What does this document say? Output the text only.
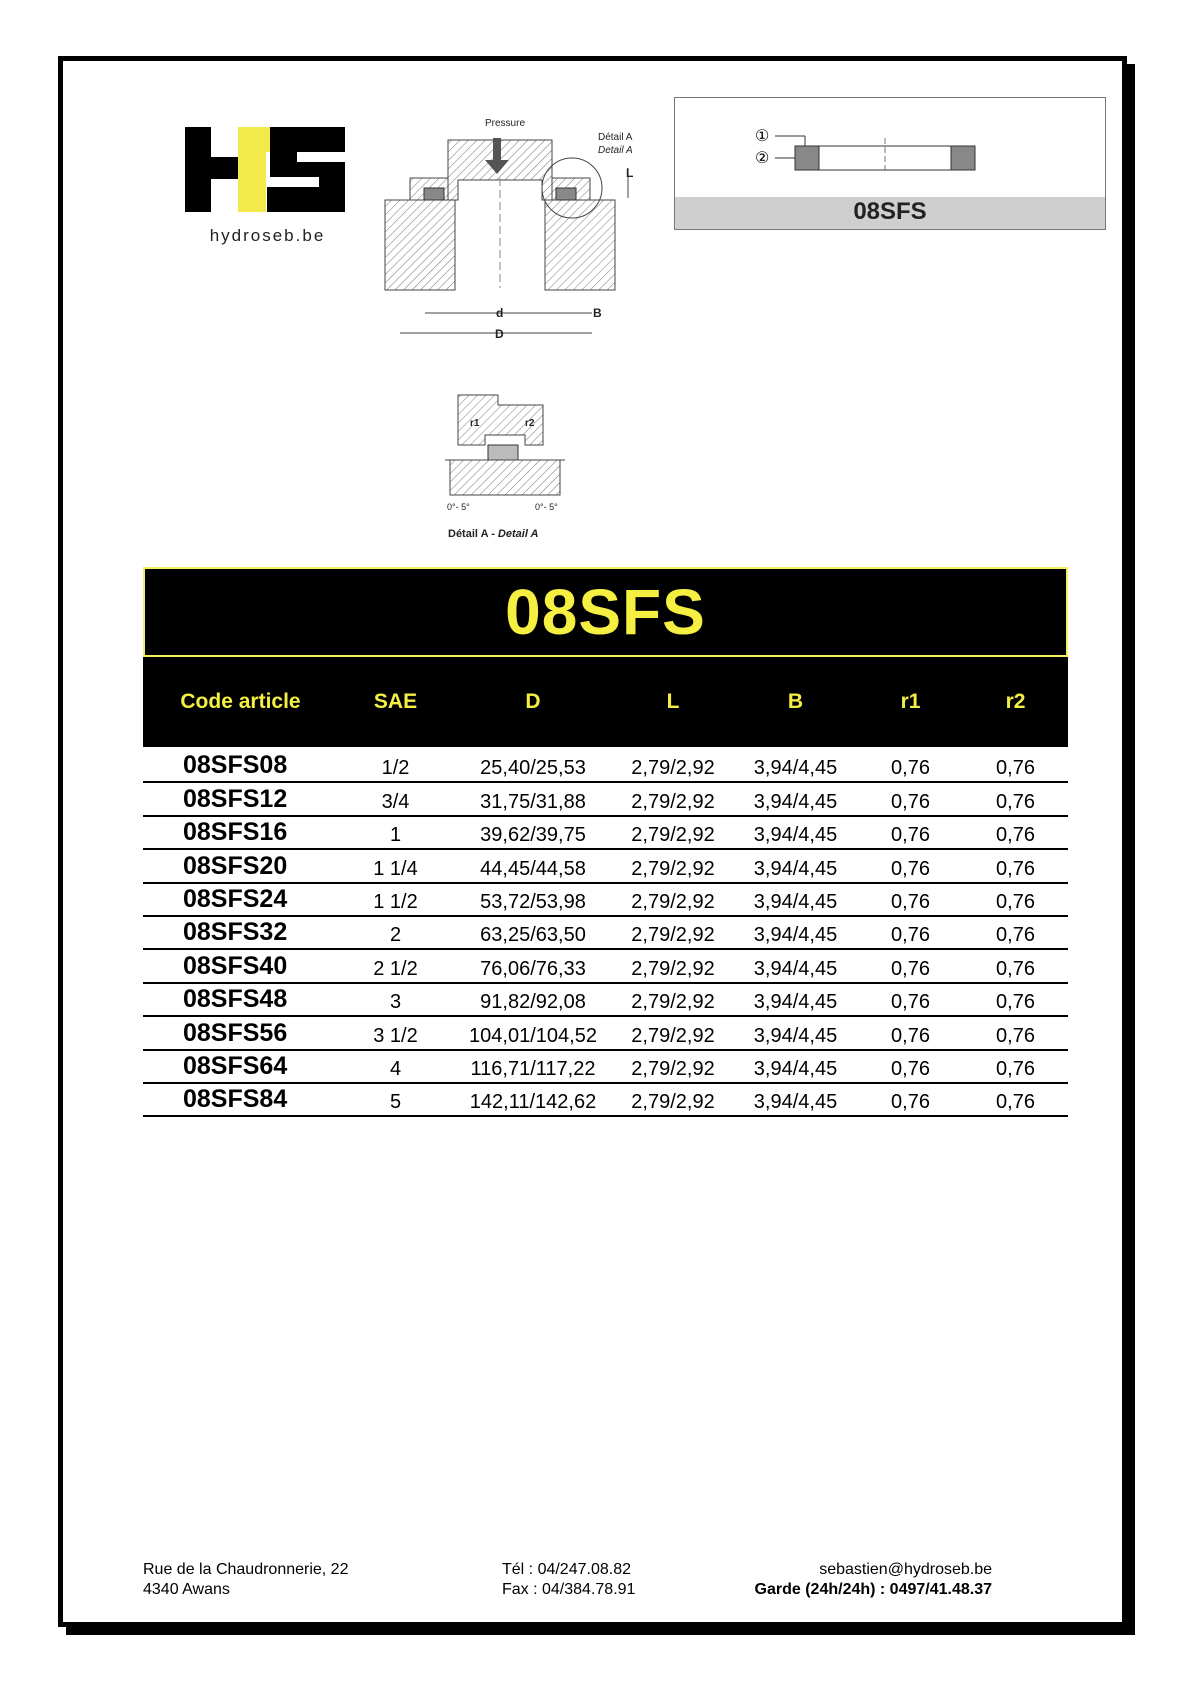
hydroseb.be
Pressure
Détail A
Detail A
L
d	B
D
r1	r2
0°- 5°	0°- 5°
Détail A - Detail A
①
②
08SFS
08SFS
Code article	SAE	D	L	B	r1	r2
08SFS08	1/2	25,40/25,53	2,79/2,92	3,94/4,45	0,76	0,76
08SFS12	3/4	31,75/31,88	2,79/2,92	3,94/4,45	0,76	0,76
08SFS16	1	39,62/39,75	2,79/2,92	3,94/4,45	0,76	0,76
08SFS20	1 1/4	44,45/44,58	2,79/2,92	3,94/4,45	0,76	0,76
08SFS24	1 1/2	53,72/53,98	2,79/2,92	3,94/4,45	0,76	0,76
08SFS32	2	63,25/63,50	2,79/2,92	3,94/4,45	0,76	0,76
08SFS40	2 1/2	76,06/76,33	2,79/2,92	3,94/4,45	0,76	0,76
08SFS48	3	91,82/92,08	2,79/2,92	3,94/4,45	0,76	0,76
08SFS56	3 1/2	104,01/104,52	2,79/2,92	3,94/4,45	0,76	0,76
08SFS64	4	116,71/117,22	2,79/2,92	3,94/4,45	0,76	0,76
08SFS84	5	142,11/142,62	2,79/2,92	3,94/4,45	0,76	0,76
Rue de la Chaudronnerie, 22
4340 Awans
Tél : 04/247.08.82
Fax : 04/384.78.91
sebastien@hydroseb.be
Garde (24h/24h) : 0497/41.48.37
